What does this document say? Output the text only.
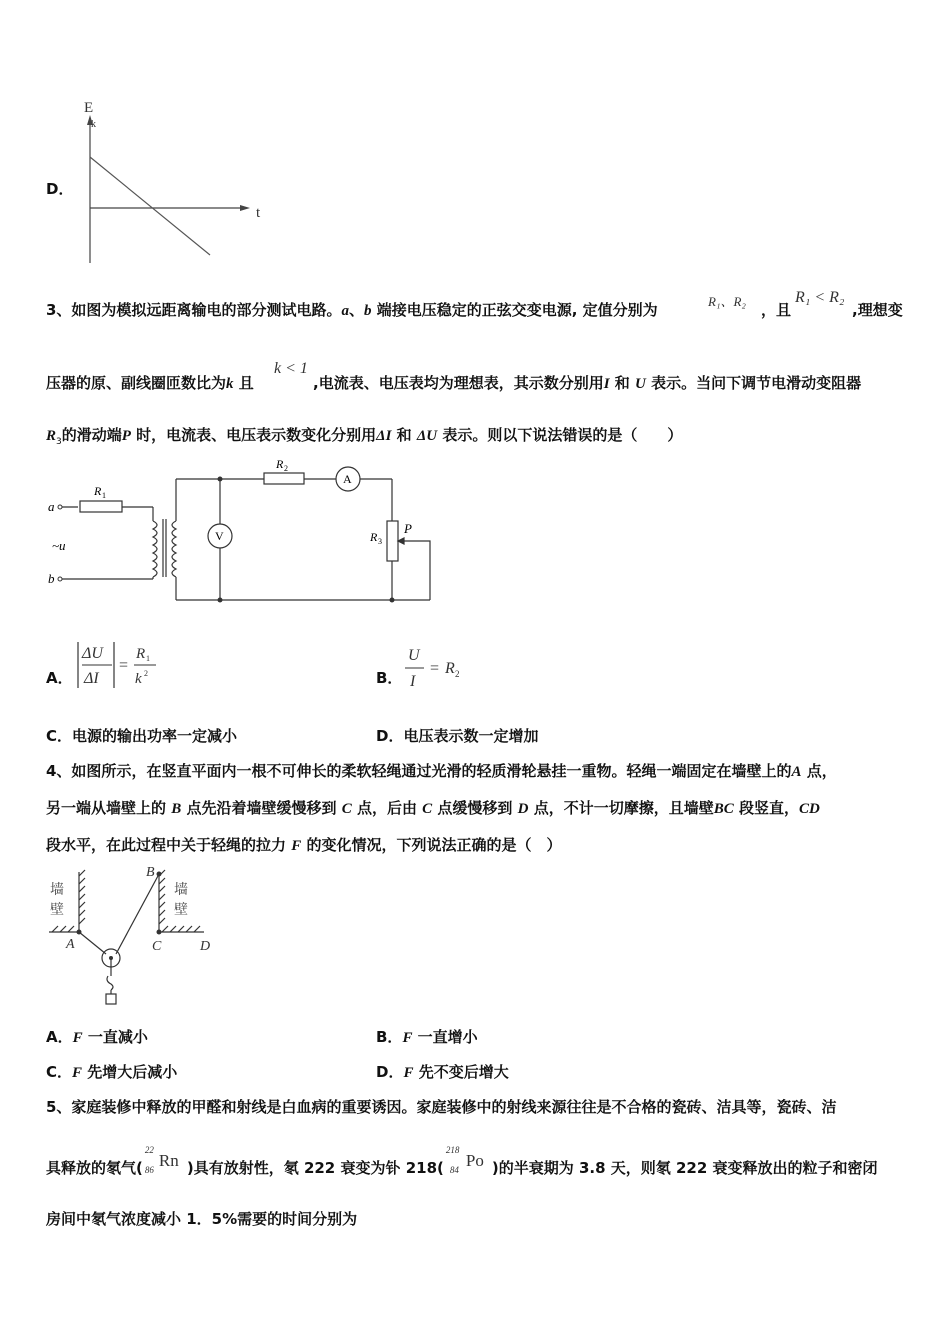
D．
E
k
t
3、如图为模拟远距离输电的部分测试电路。a、b 端接电压稳定的正弦交变电源, 定值分别为	R₁、R₂ ，且
R₁ < R₂
,理想变
压器的原、副线圈匝数比为k 且
k < 1
,电流表、电压表均为理想表，其示数分别用I 和 U 表示。当问下调节电滑动变阻器
$R_3$的滑动端P 时，电流表、电压表示数变化分别用ΔI 和 ΔU 表示。则以下说法错误的是（　　）
a
b
~u
R 1
R 2
R 3
V
A
P
A．
ΔU
ΔI
=
R 1
k 2	B．
U
I
= R 2
C．电源的输出功率一定减小	D．电压表示数一定增加
4、如图所示，在竖直平面内一根不可伸长的柔软轻绳通过光滑的轻质滑轮悬挂一重物。轻绳一端固定在墙壁上的A 点，
另一端从墙壁上的 B 点先沿着墙壁缓慢移到 C 点，后由 C 点缓慢移到 D 点，不计一切摩擦，且墙壁BC 段竖直，CD
段水平，在此过程中关于轻绳的拉力 F 的变化情况，下列说法正确的是（　）
墙
壁
墙
壁
A
B
C	D
A．F 一直减小	B．F 一直增小
C．F 先增大后减小	D．F 先不变后增大
5、家庭装修中释放的甲醛和射线是白血病的重要诱因。家庭装修中的射线来源往往是不合格的瓷砖、洁具等，瓷砖、洁
具释放的氡气(
22
86 Rn )具有放射性，氡 222 衰变为钋 218(
218
84 Po )的半衰期为 3.8 天，则氡 222 衰变释放出的粒子和密闭
房间中氡气浓度减小 1．5%需要的时间分别为
